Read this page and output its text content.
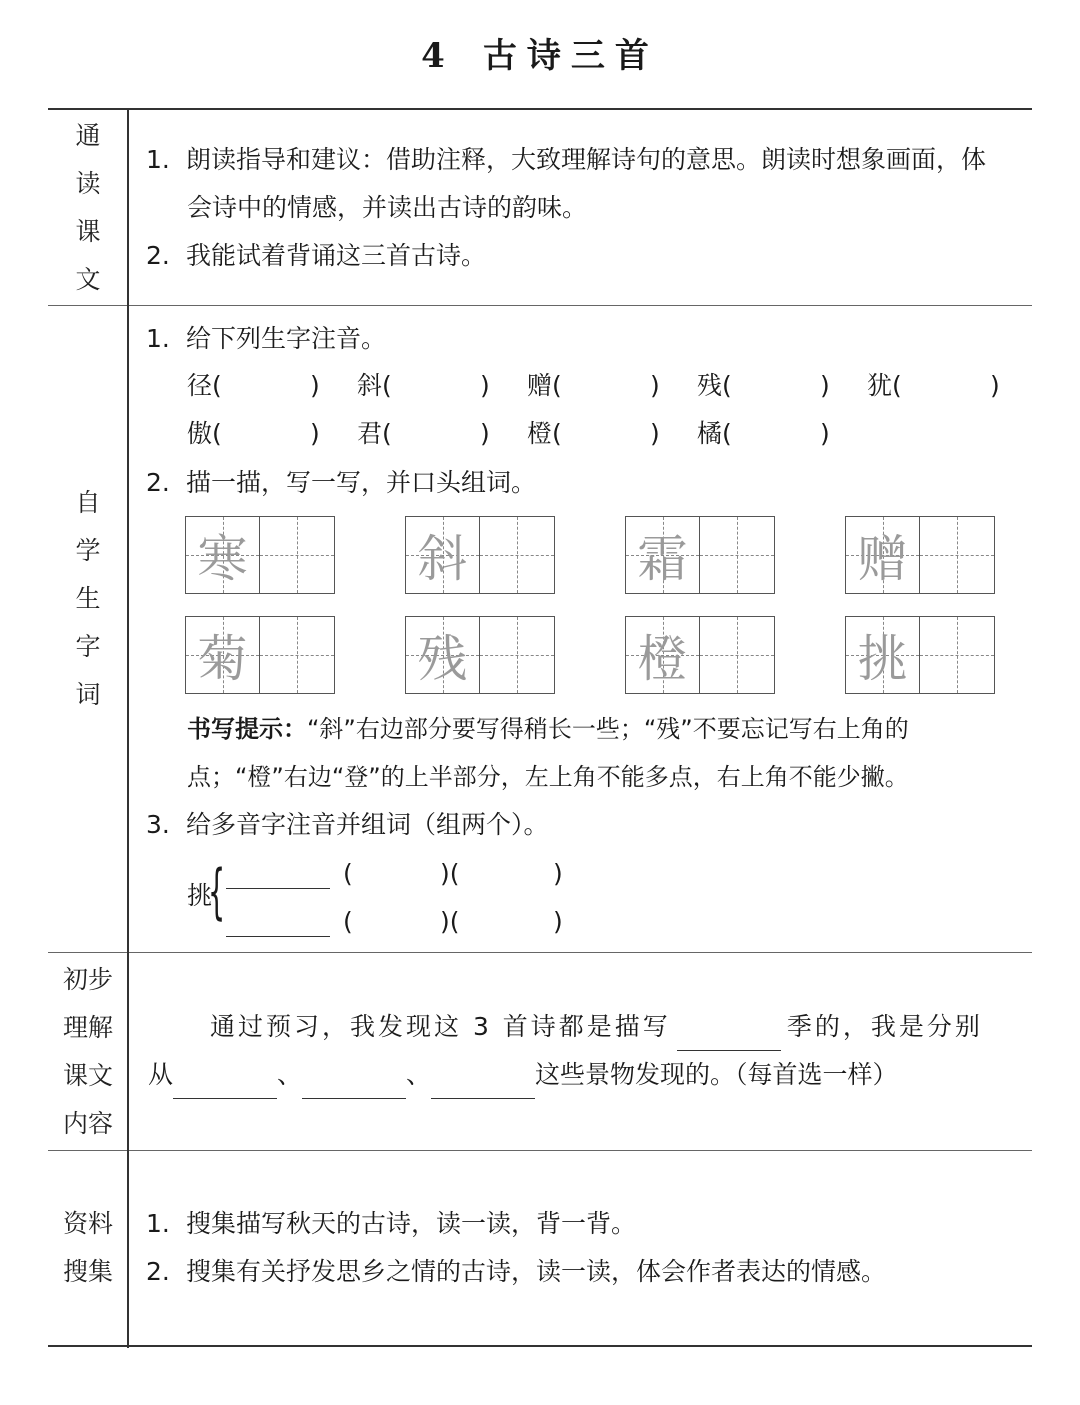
4 古诗三首
通
读
课
文
1. 朗读指导和建议：借助注释，大致理解诗句的意思。朗读时想象画面，体
会诗中的情感，并读出古诗的韵味。
2. 我能试着背诵这三首古诗。
自
学
生
字
词
1. 给下列生字注音。
径(	) 斜(	) 赠(	) 残(	) 犹(	)
傲(	) 君(	) 橙(	) 橘(	)
2. 描一描，写一写，并口头组词。
寒	斜	霜	赠
菊	残	橙	挑
书写提示：“斜”右边部分要写得稍长一些；“残”不要忘记写右上角的
点；“橙”右边“登”的上半部分，左上角不能多点，右上角不能少撇。
3. 给多音字注音并组词（组两个）。
挑
{	(	)(	)
(	)(	)
初步
理解
课文
内容
通过预习，我发现这 3 首诗都是描写	季的，我是分别
从	、	、	这些景物发现的。（每首选一样）
资料
搜集
1. 搜集描写秋天的古诗，读一读，背一背。
2. 搜集有关抒发思乡之情的古诗，读一读，体会作者表达的情感。
